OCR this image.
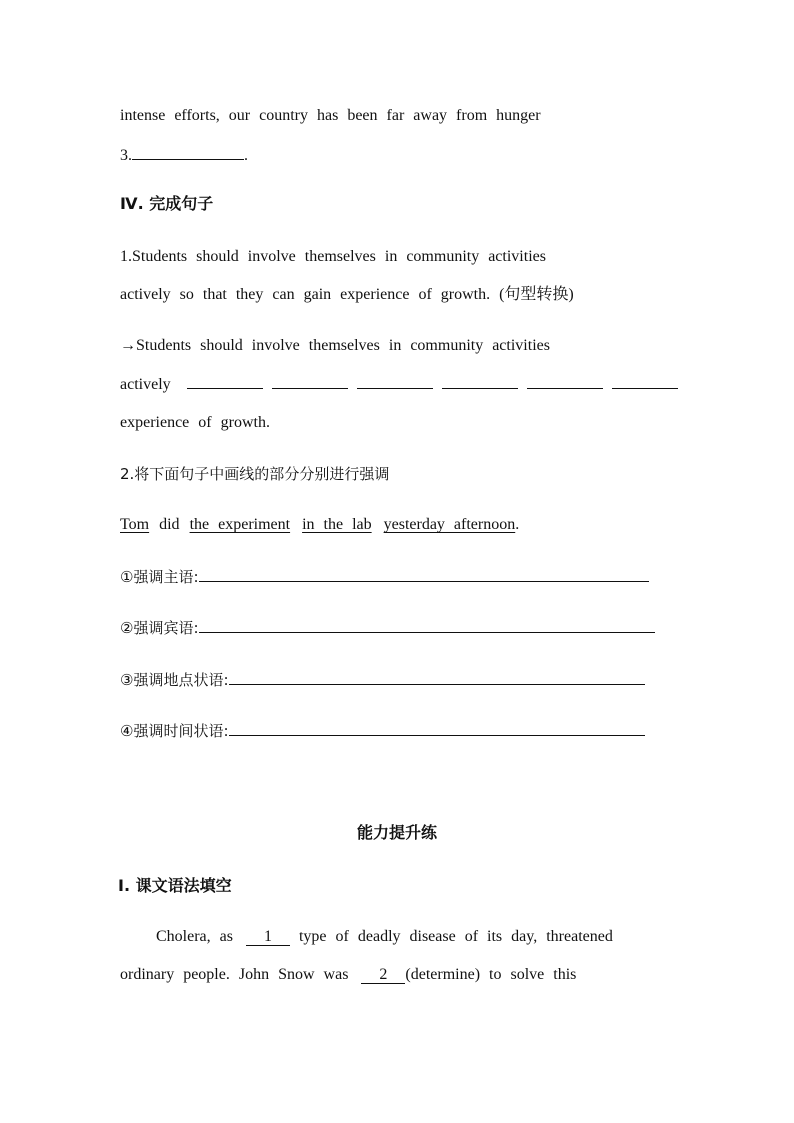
intense efforts, our country has been far away from hunger
3.	.
Ⅳ. 完成句子
1.Students should involve themselves in community activities
actively so that they can gain experience of growth. (句型转换)
→Students should involve themselves in community activities
actively
experience of growth.
2.将下面句子中画线的部分分别进行强调
Tom did the experiment in the lab yesterday afternoon.
①强调主语:
②强调宾语:
③强调地点状语:
④强调时间状语:
能力提升练
Ⅰ. 课文语法填空
Cholera, as 1 type of deadly disease of its day, threatened
ordinary people. John Snow was 2 (determine) to solve this
